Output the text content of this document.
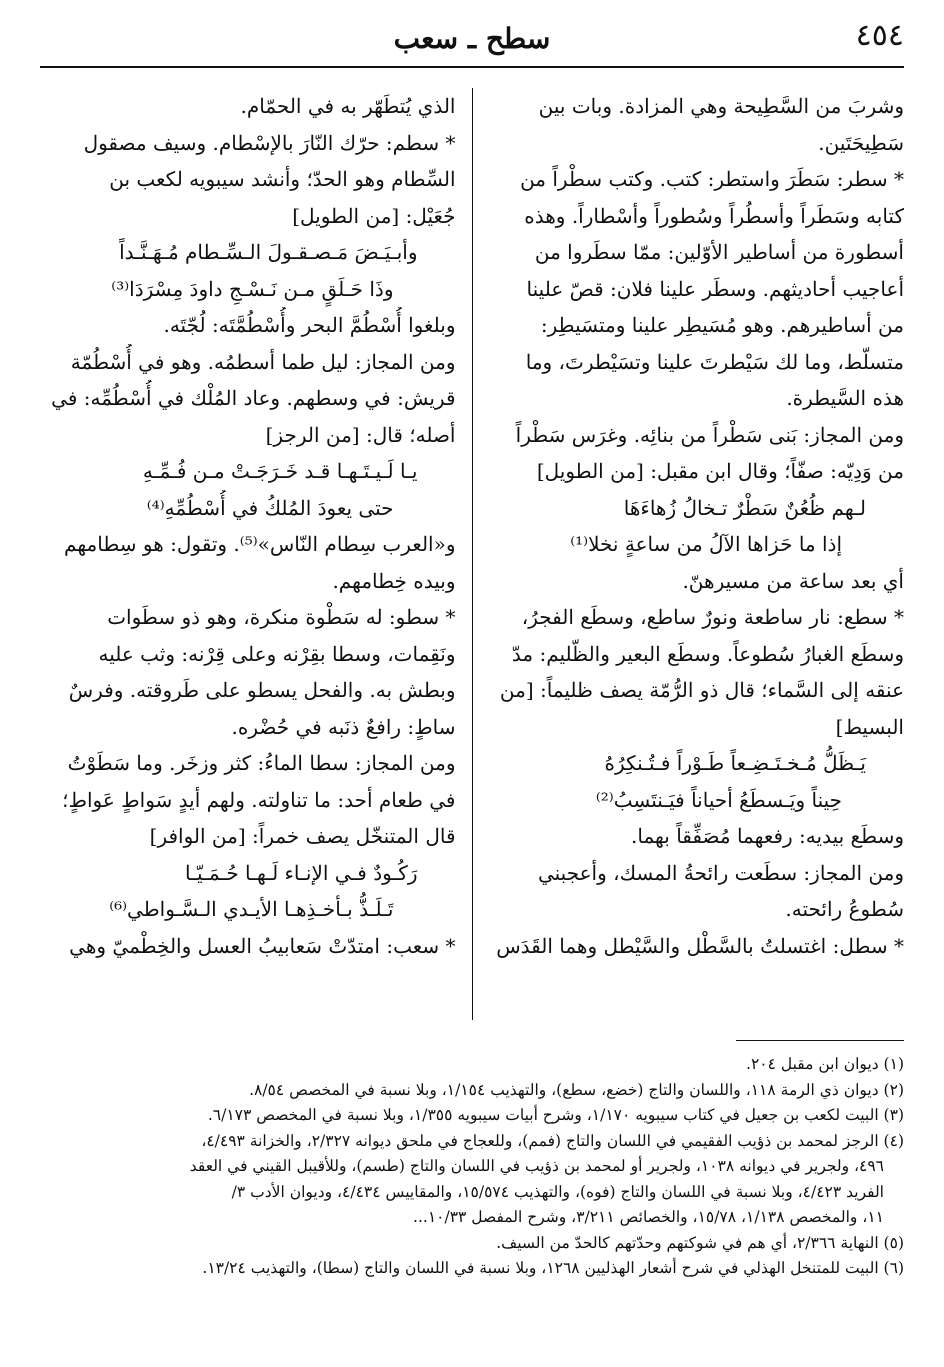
٤٥٤
سطح ـ سعب
وشربَ من السَّطِيحة وهي المزادة. وبات بين
سَطِيحَتَين.
* سطر: سَطَرَ واستطر: كتب. وكتب سطْراً من
كتابه وسَطَراً وأسطُراً وسُطوراً وأسْطاراً. وهذه
أسطورة من أساطير الأوّلين: ممّا سطَروا من
أعاجيب أحاديثهم. وسطَر علينا فلان: قصّ علينا
من أساطيرهم. وهو مُسَيطِر علينا ومتسَيطِر:
متسلّط، وما لك سَيْطرتَ علينا وتسَيْطرتَ، وما
هذه السَّيطرة.
ومن المجاز: بَنى سَطْراً من بنائِه. وغرَس سَطْراً
من وَدِيّه: صفّاً؛ وقال ابن مقبل: [من الطويل]
لـهم ظُعُنٌ سَطْرٌ تـخالُ زُهاءَهَا
إذا ما حَزاها الآلُ من ساعةٍ نخلا⁽¹⁾
أي بعد ساعة من مسيرهنّ.
* سطع: نار ساطعة ونورٌ ساطع، وسطَع الفجرُ،
وسطَع الغبارُ سُطوعاً. وسطَع البعير والظّليم: مدّ
عنقه إلى السَّماء؛ قال ذو الرُّمّة يصف ظليماً: [من
البسيط]
يَـظَلُّ مُـخـتَـضِـعاً طَـوْراً فـتُـنكِرُهُ
حِيناً ويَـسطَعُ أحياناً فيَـنتَسِبُ⁽²⁾
وسطَع بيديه: رفعهما مُصَفِّقاً بهما.
ومن المجاز: سطَعت رائحةُ المسك، وأعجبني
سُطوعُ رائحته.
* سطل: اغتسلتُ بالسَّطْل والسَّيْطل وهما القَدَس
الذي يُتطَهّر به في الحمّام.
* سطم: حرّك النّارَ بالإسْطام. وسيف مصقول
السِّطام وهو الحدّ؛ وأنشد سيبويه لكعب بن
جُعَيْل: [من الطويل]
وأبـيَـضَ مَـصـقـولَ الـسِّـطام مُـهَـنَّـداً
وذَا حَـلَقٍ مـن نَـسْـجِ داودَ مِسْرَدَا⁽³⁾
وبلغوا أُسْطُمَّ البحر وأُسْطُمَّتَه: لُجّتَه.
ومن المجاز: ليل طما أسطمُه. وهو في أُسْطُمّة
قريش: في وسطهم. وعاد المُلْك في أُسْطُمِّه: في
أصله؛ قال: [من الرجز]
يـا لَـيـتَـهـا قـد خَـرَجَـتْ مـن فُـمِّـهِ
حتى يعودَ المُلكُ في أُسْطُمِّهِ⁽⁴⁾
و«العرب سِطام النّاس»⁽⁵⁾. وتقول: هو سِطامهم
وبيده خِطامهم.
* سطو: له سَطْوة منكرة، وهو ذو سطَوات
ونَقِمات، وسطا بقِرْنه وعلى قِرْنه: وثب عليه
وبطش به. والفحل يسطو على طَروقته. وفرسٌ
ساطٍ: رافعٌ ذنَبه في حُضْره.
ومن المجاز: سطا الماءُ: كثر وزخَر. وما سَطَوْتُ
في طعام أحد: ما تناولته. ولهم أيدٍ سَواطٍ عَواطٍ؛
قال المتنخّل يصف خمراً: [من الوافر]
رَكُـودٌ فـي الإنـاء لَـهـا حُـمَـيّـا
تَـلَـذُّ بـأخـذِهـا الأيـدي الـسَّـواطي⁽⁶⁾
* سعب: امتدّتْ سَعابيبُ العسل والخِطْميّ وهي
(١) ديوان ابن مقبل ٢٠٤.
(٢) ديوان ذي الرمة ١١٨، واللسان والتاج (خضع، سطع)، والتهذيب ١/١٥٤، وبلا نسبة في المخصص ٨/٥٤.
(٣) البيت لكعب بن جعيل في كتاب سيبويه ١/١٧٠، وشرح أبيات سيبويه ١/٣٥٥، وبلا نسبة في المخصص ٦/١٧٣.
(٤) الرجز لمحمد بن ذؤيب الفقيمي في اللسان والتاج (فمم)، وللعجاج في ملحق ديوانه ٢/٣٢٧، والخزانة ٤/٤٩٣،
٤٩٦، ولجرير في ديوانه ١٠٣٨، ولجرير أو لمحمد بن ذؤيب في اللسان والتاج (طسم)، وللأقيبل القيني في العقد
الفريد ٤/٤٢٣، وبلا نسبة في اللسان والتاج (فوه)، والتهذيب ١٥/٥٧٤، والمقاييس ٤/٤٣٤، وديوان الأدب ٣/
١١، والمخصص ١/١٣٨، ١٥/٧٨، والخصائص ٣/٢١١، وشرح المفصل ١٠/٣٣...
(٥) النهاية ٢/٣٦٦، أي هم في شوكتهم وحدّتهم كالحدّ من السيف.
(٦) البيت للمتنخل الهذلي في شرح أشعار الهذليين ١٢٦٨، وبلا نسبة في اللسان والتاج (سطا)، والتهذيب ١٣/٢٤.
